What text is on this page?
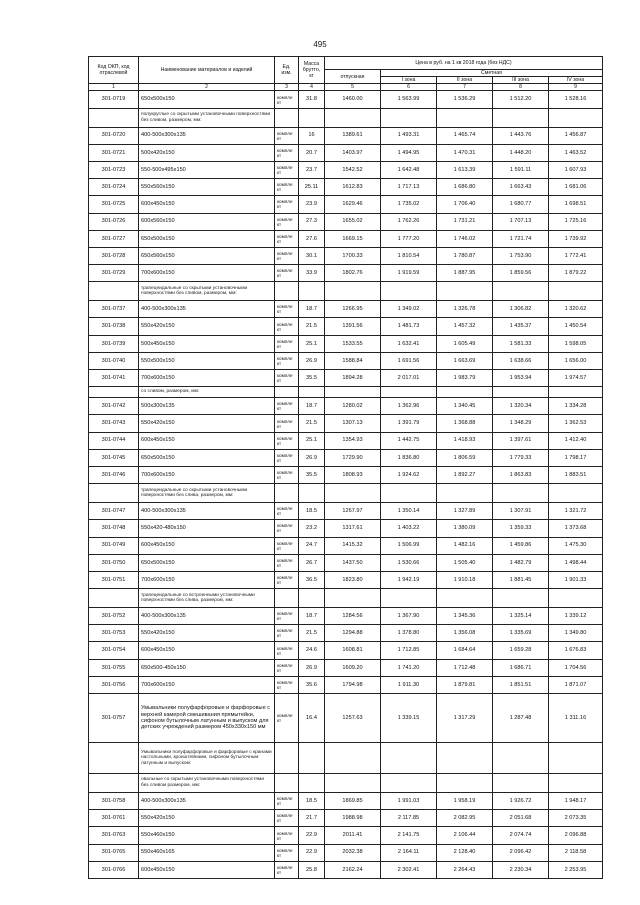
495
Код ОКП, код отраслевой	Наименование материалов и изделий	Ед. изм.	Масса брутто, кг	Цена в руб. на 1 кв 2018 года (без НДС)				
				отпускная	Сметная			
					I зона	II зона	III зона	IV зона
1	2	3	4	5	6	7	8	9
301-0719	650х500х150	компле кт	31.8	1460.00	1 563.99	1 536.29	1 512.20	1 528.16
	полукруглые со скрытыми установочными поверхностями без сливом, размером, мм:							
301-0720	400-500х300х135	компле кт	16	1389.61	1 493.31	1 465.74	1 443.76	1 456.87
301-0721	500х420х150	компле кт	20.7	1403.97	1 494.95	1 470.31	1 448.20	1 463.52
301-0723	550-500х495х150	компле кт	23.7	1542.52	1 642.48	1 613.39	1 591.11	1 607.93
301-0724	550х560х150	компле кт	25.11	1612.83	1 717.13	1 686.80	1 663.43	1 681.06
301-0725	600х450х150	компле кт	23.9	1629.46	1 735.02	1 706.40	1 680.77	1 698.51
301-0726	600х560х150	компле кт	27.3	1655.02	1 762.26	1 731.21	1 707.13	1 725.16
301-0727	650х500х150	компле кт	27.6	1669.15	1 777.20	1 746.02	1 721.74	1 739.92
301-0728	650х560х150	компле кт	30.1	1700.33	1 810.54	1 780.87	1 753.90	1 772.41
301-0729	700х600х150	компле кт	33.9	1802.76	1 919.59	1 887.95	1 859.56	1 879.22
	трапецеидальные со скрытыми установочными поверхностями без сливом, размером, мм:							
301-0737	400-500х300х135	компле кт	18.7	1266.95	1 349.02	1 326.78	1 306.82	1 320.62
301-0738	550х420х150	компле кт	21.5	1391.56	1 481.73	1 457.32	1 435.37	1 450.54
301-0739	500х450х150	компле кт	25.1	1533.55	1 632.41	1 605.49	1 581.33	1 598.05
301-0740	550х500х150	компле кт	26.9	1588.84	1 691.56	1 663.69	1 638.66	1 656.00
301-0741	700х600х150	компле кт	35.5	1894.28	2 017.01	1 983.79	1 953.94	1 974.57
	со сливом, размером, мм:							
301-0742	500х300х135	компле кт	18.7	1280.02	1 362.96	1 340.45	1 320.34	1 334.28
301-0743	550х420х150	компле кт	21.5	1307.13	1 391.79	1 368.88	1 348.29	1 362.53
301-0744	600х450х150	компле кт	25.1	1354.93	1 442.75	1 418.93	1 397.61	1 412.40
301-0745	650х500х150	компле кт	26.9	1729.90	1 836.80	1 806.59	1 779.33	1 798.17
301-0746	700х600х150	компле кт	35.5	1808.93	1 924.62	1 892.27	1 863.83	1 883.51
	трапецеидальные со скрытыми установочными поверхностями без слива, размером, мм:							
301-0747	400-500х300х135	компле кт	18.5	1267.97	1 350.14	1 327.89	1 307.91	1 321.72
301-0748	550х420-480х150	компле кт	23.2	1317.61	1 403.22	1 380.09	1 359.33	1 373.68
301-0749	600х450х150	компле кт	24.7	1415.32	1 506.99	1 482.16	1 459.86	1 475.30
301-0750	650х500х150	компле кт	26.7	1437.50	1 530.66	1 505.40	1 482.79	1 498.44
301-0751	700х600х150	компле кт	36.5	1823.80	1 942.19	1 910.18	1 881.45	1 901.33
	трапецеидальные со встроенными установочными поверхностями без слива, размером, мм:							
301-0752	400-500х300х135	компле кт	18.7	1284.56	1 367.90	1 345.36	1 325.14	1 339.12
301-0753	550х420х150	компле кт	21.5	1294.88	1 378.80	1 356.08	1 335.69	1 349.80
301-0754	600х450х150	компле кт	24.6	1608.81	1 712.85	1 684.64	1 659.28	1 676.83
301-0755	650х500-450х150	компле кт	26.9	1609.20	1 741.20	1 712.48	1 686.71	1 704.56
301-0756	700х600х150	компле кт	35.6	1794.98	1 911.30	1 879.81	1 851.51	1 871.07
301-0757	Умывальники полуфарфоровые и фарфоровые с верхней камерой смешивания прямытейки, сифоном бутылочным латунным и выпуском для детских учреждений размером 450х330х150 мм	компле кт	16.4	1257.63	1 339.15	1 317.29	1 287.48	1 311.16
	Умывальники полуфарфоровые и фарфоровые с кранами настольными, кронштейнами, сифоном бутылочным латунным и выпуском:							
	овальные со скрытыми установочными поверхностями без сливом размером, мм:							
301-0758	400-500х300х135	компле кт	18.5	1869.85	1 991.03	1 958.19	1 926.72	1 948.17
301-0761	550х420х150	компле кт	21.7	1988.98	2 117.85	2 082.95	2 051.68	2 073.35
301-0763	550х460х150	компле кт	22.9	2011.41	2 141.75	2 106.44	2 074.74	2 096.88
301-0765	550х460х165	компле кт	22.9	2032.38	2 164.11	2 128.40	2 096.42	2 118.58
301-0766	600х450х150	компле кт	25.8	2162.24	2 302.41	2 264.43	2 230.34	2 253.95
